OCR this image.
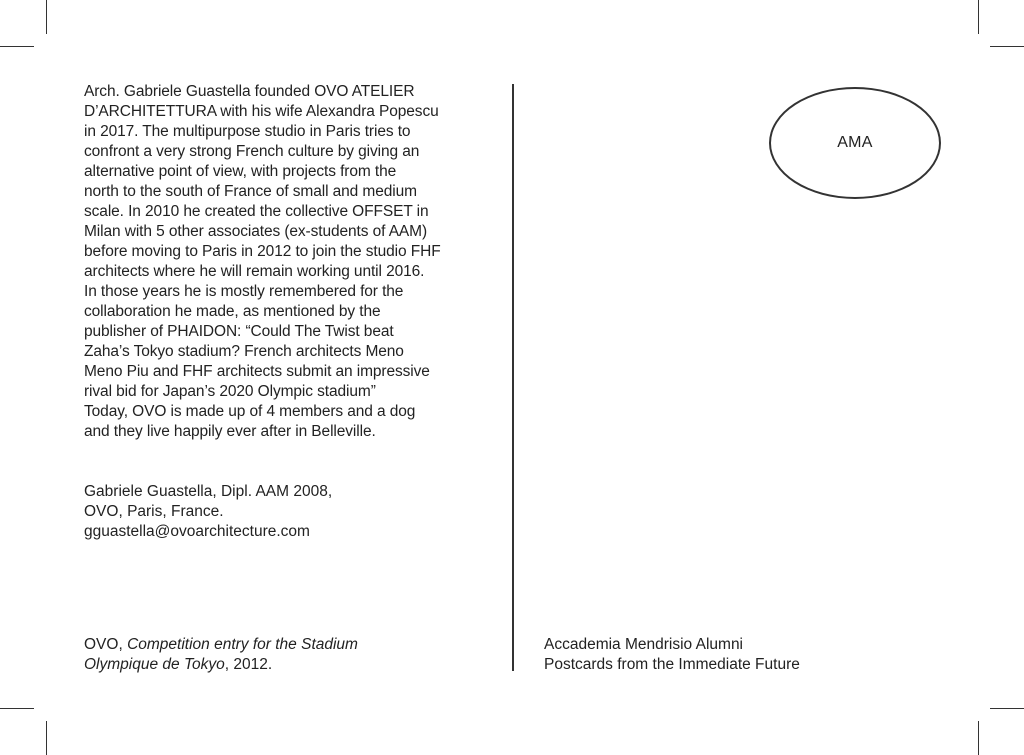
Arch. Gabriele Guastella founded OVO ATELIER
D’ARCHITETTURA with his wife Alexandra Popescu
in 2017. The multipurpose studio in Paris tries to
confront a very strong French culture by giving an
alternative point of view, with projects from the
north to the south of France of small and medium
scale. In 2010 he created the collective OFFSET in
Milan with 5 other associates (ex-students of AAM)
before moving to Paris in 2012 to join the studio FHF
architects where he will remain working until 2016.
In those years he is mostly remembered for the
collaboration he made, as mentioned by the
publisher of PHAIDON: “Could The Twist beat
Zaha’s Tokyo stadium? French architects Meno
Meno Piu and FHF architects submit an impressive
rival bid for Japan’s 2020 Olympic stadium”
Today, OVO is made up of 4 members and a dog
and they live happily ever after in Belleville.

Gabriele Guastella, Dipl. AAM 2008,
OVO, Paris, France.
gguastella@ovoarchitecture.com
OVO, Competition entry for the Stadium
Olympique de Tokyo, 2012.
AMA
Accademia Mendrisio Alumni
Postcards from the Immediate Future
